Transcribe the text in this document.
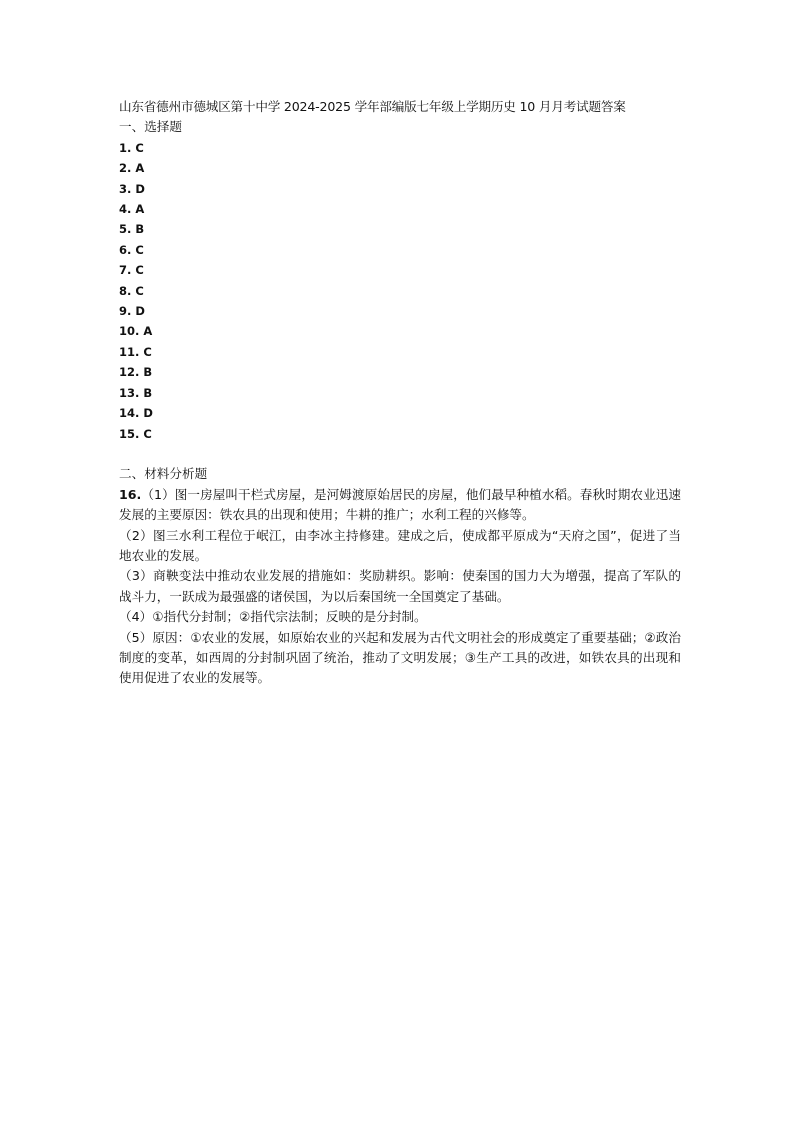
山东省德州市德城区第十中学 2024-2025 学年部编版七年级上学期历史 10 月月考试题答案
一、选择题
1. C
2. A
3. D
4. A
5. B
6. C
7. C
8. C
9. D
10. A
11. C
12. B
13. B
14. D
15. C
二、材料分析题

16.（1）图一房屋叫干栏式房屋，是河姆渡原始居民的房屋，他们最早种植水稻。春秋时期农业迅速发展的主要原因：铁农具的出现和使用；牛耕的推广；水利工程的兴修等。

（2）图三水利工程位于岷江，由李冰主持修建。建成之后，使成都平原成为“天府之国”，促进了当地农业的发展。

（3）商鞅变法中推动农业发展的措施如：奖励耕织。影响：使秦国的国力大为增强，提高了军队的战斗力，一跃成为最强盛的诸侯国，为以后秦国统一全国奠定了基础。

（4）①指代分封制；②指代宗法制；反映的是分封制。

（5）原因：①农业的发展，如原始农业的兴起和发展为古代文明社会的形成奠定了重要基础；②政治制度的变革，如西周的分封制巩固了统治，推动了文明发展；③生产工具的改进，如铁农具的出现和使用促进了农业的发展等。
